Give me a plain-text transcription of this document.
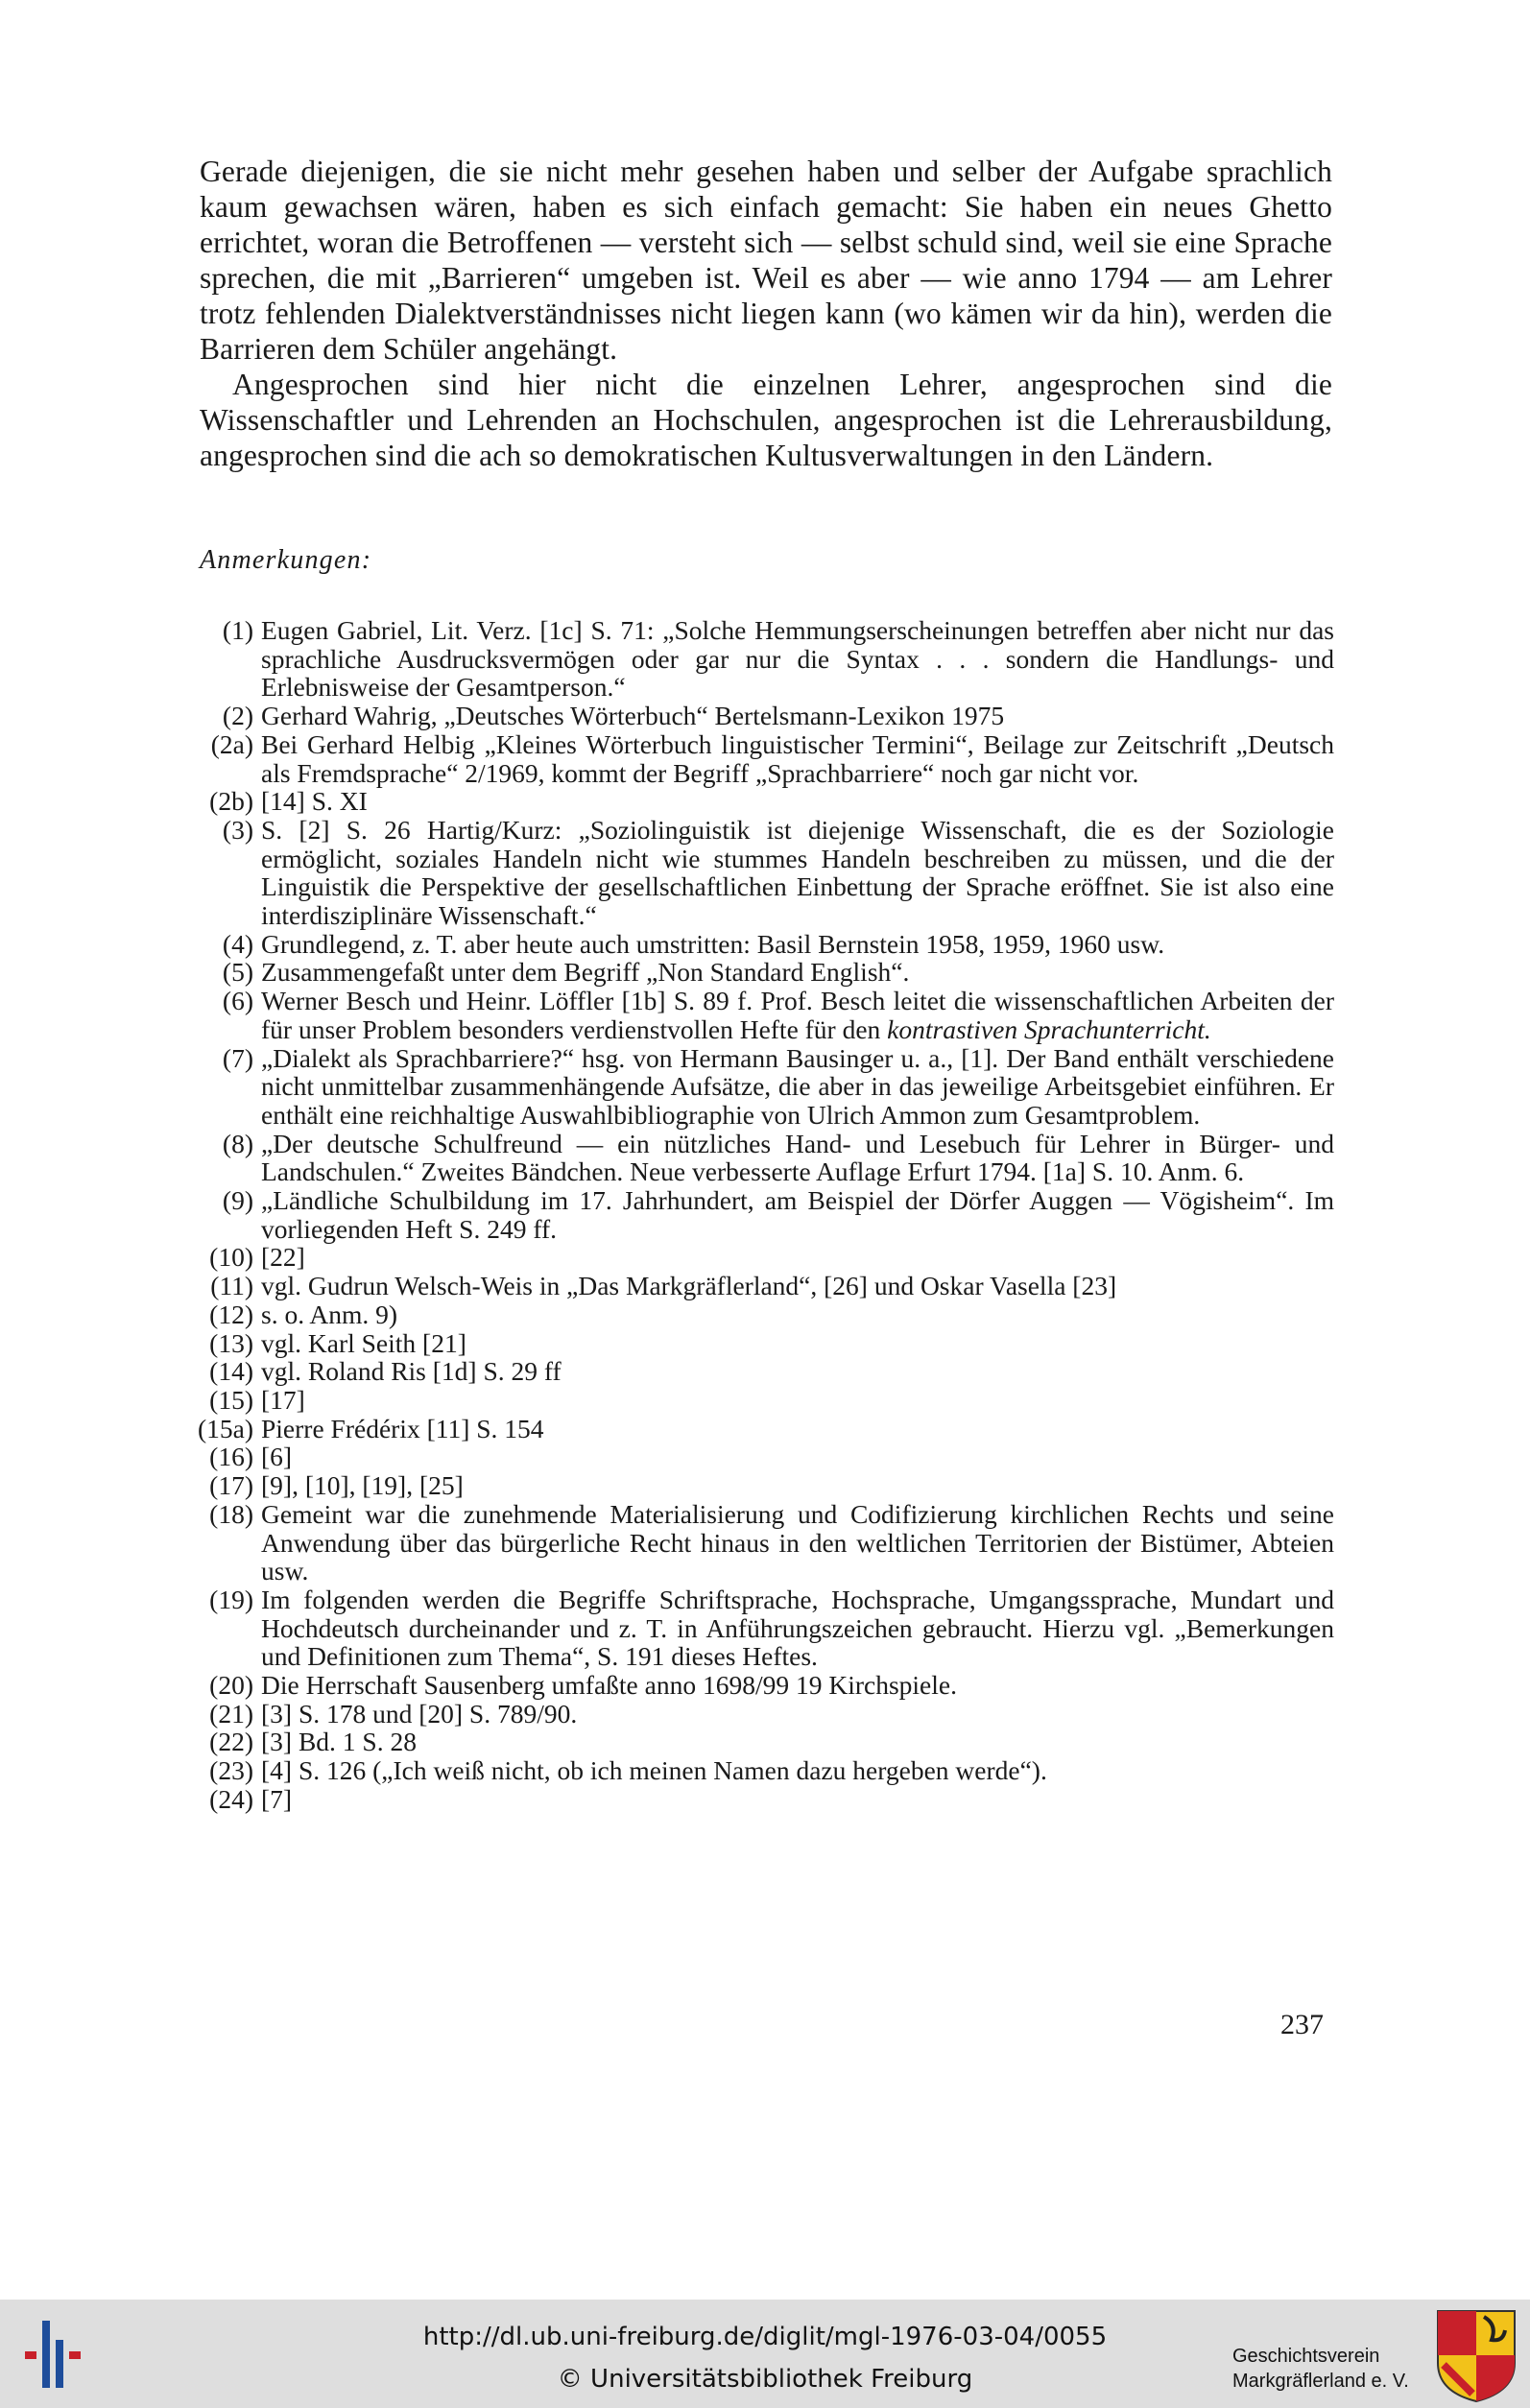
Gerade diejenigen, die sie nicht mehr gesehen haben und selber der Aufgabe sprachlich kaum gewachsen wären, haben es sich einfach gemacht: Sie haben ein neues Ghetto errichtet, woran die Betroffenen — versteht sich — selbst schuld sind, weil sie eine Sprache sprechen, die mit „Barrieren“ umgeben ist. Weil es aber — wie anno 1794 — am Lehrer trotz fehlenden Dialektverständnisses nicht liegen kann (wo kämen wir da hin), werden die Barrieren dem Schüler angehängt.

Angesprochen sind hier nicht die einzelnen Lehrer, angesprochen sind die Wissenschaftler und Lehrenden an Hochschulen, angesprochen ist die Lehrerausbildung, angesprochen sind die ach so demokratischen Kultusverwaltungen in den Ländern.

Anmerkungen:
(1) Eugen Gabriel, Lit. Verz. [1c] S. 71: „Solche Hemmungserscheinungen betreffen aber nicht nur das sprachliche Ausdrucksvermögen oder gar nur die Syntax . . . sondern die Handlungs- und Erlebnisweise der Gesamtperson.“
(2) Gerhard Wahrig, „Deutsches Wörterbuch“ Bertelsmann-Lexikon 1975
(2a) Bei Gerhard Helbig „Kleines Wörterbuch linguistischer Termini“, Beilage zur Zeitschrift „Deutsch als Fremdsprache“ 2/1969, kommt der Begriff „Sprachbarriere“ noch gar nicht vor.
(2b) [14] S. XI
(3) S. [2] S. 26 Hartig/Kurz: „Soziolinguistik ist diejenige Wissenschaft, die es der Soziologie ermöglicht, soziales Handeln nicht wie stummes Handeln beschreiben zu müssen, und die der Linguistik die Perspektive der gesellschaftlichen Einbettung der Sprache eröffnet. Sie ist also eine interdisziplinäre Wissenschaft.“
(4) Grundlegend, z. T. aber heute auch umstritten: Basil Bernstein 1958, 1959, 1960 usw.
(5) Zusammengefaßt unter dem Begriff „Non Standard English“.
(6) Werner Besch und Heinr. Löffler [1b] S. 89 f. Prof. Besch leitet die wissenschaftlichen Arbeiten der für unser Problem besonders verdienstvollen Hefte für den kontrastiven Sprachunterricht.
(7) „Dialekt als Sprachbarriere?“ hsg. von Hermann Bausinger u. a., [1]. Der Band enthält verschiedene nicht unmittelbar zusammenhängende Aufsätze, die aber in das jeweilige Arbeitsgebiet einführen. Er enthält eine reichhaltige Auswahlbibliographie von Ulrich Ammon zum Gesamtproblem.
(8) „Der deutsche Schulfreund — ein nützliches Hand- und Lesebuch für Lehrer in Bürger- und Landschulen.“ Zweites Bändchen. Neue verbesserte Auflage Erfurt 1794. [1a] S. 10. Anm. 6.
(9) „Ländliche Schulbildung im 17. Jahrhundert, am Beispiel der Dörfer Auggen — Vögisheim“. Im vorliegenden Heft S. 249 ff.
(10) [22]
(11) vgl. Gudrun Welsch-Weis in „Das Markgräflerland“, [26] und Oskar Vasella [23]
(12) s. o. Anm. 9)
(13) vgl. Karl Seith [21]
(14) vgl. Roland Ris [1d] S. 29 ff
(15) [17]
(15a) Pierre Frédérix [11] S. 154
(16) [6]
(17) [9], [10], [19], [25]
(18) Gemeint war die zunehmende Materialisierung und Codifizierung kirchlichen Rechts und seine Anwendung über das bürgerliche Recht hinaus in den weltlichen Territorien der Bistümer, Abteien usw.
(19) Im folgenden werden die Begriffe Schriftsprache, Hochsprache, Umgangssprache, Mundart und Hochdeutsch durcheinander und z. T. in Anführungszeichen gebraucht. Hierzu vgl. „Bemerkungen und Definitionen zum Thema“, S. 191 dieses Heftes.
(20) Die Herrschaft Sausenberg umfaßte anno 1698/99 19 Kirchspiele.
(21) [3] S. 178 und [20] S. 789/90.
(22) [3] Bd. 1 S. 28
(23) [4] S. 126 („Ich weiß nicht, ob ich meinen Namen dazu hergeben werde“).
(24) [7]
237
http://dl.ub.uni-freiburg.de/diglit/mgl-1976-03-04/0055
© Universitätsbibliothek Freiburg
Geschichtsverein
Markgräflerland e. V.
